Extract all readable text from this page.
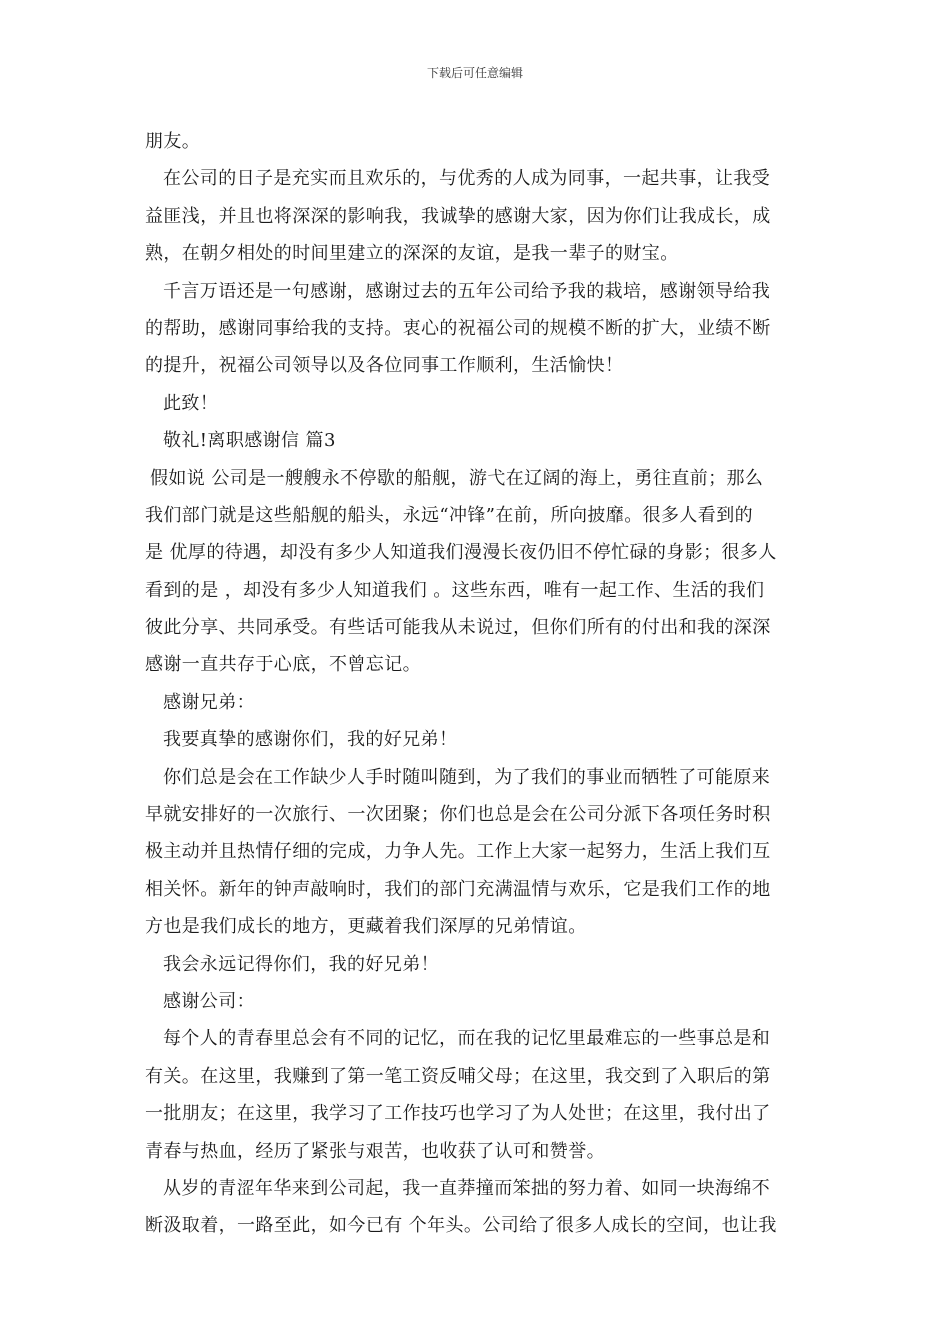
下载后可任意编辑
朋友。
在公司的日子是充实而且欢乐的，与优秀的人成为同事，一起共事，让我受
益匪浅，并且也将深深的影响我，我诚挚的感谢大家，因为你们让我成长，成
熟，在朝夕相处的时间里建立的深深的友谊，是我一辈子的财宝。
千言万语还是一句感谢，感谢过去的五年公司给予我的栽培，感谢领导给我
的帮助，感谢同事给我的支持。衷心的祝福公司的规模不断的扩大，业绩不断
的提升，祝福公司领导以及各位同事工作顺利，生活愉快！
此致！
敬礼!离职感谢信 篇3
假如说 公司是一艘艘永不停歇的船舰，游弋在辽阔的海上，勇往直前；那么
我们部门就是这些船舰的船头，永远“冲锋”在前，所向披靡。很多人看到的
是 优厚的待遇，却没有多少人知道我们漫漫长夜仍旧不停忙碌的身影；很多人
看到的是 ，却没有多少人知道我们 。这些东西，唯有一起工作、生活的我们
彼此分享、共同承受。有些话可能我从未说过，但你们所有的付出和我的深深
感谢一直共存于心底，不曾忘记。
感谢兄弟：
我要真挚的感谢你们，我的好兄弟！
你们总是会在工作缺少人手时随叫随到，为了我们的事业而牺牲了可能原来
早就安排好的一次旅行、一次团聚；你们也总是会在公司分派下各项任务时积
极主动并且热情仔细的完成，力争人先。工作上大家一起努力，生活上我们互
相关怀。新年的钟声敲响时，我们的部门充满温情与欢乐，它是我们工作的地
方也是我们成长的地方，更藏着我们深厚的兄弟情谊。
我会永远记得你们，我的好兄弟！
感谢公司：
每个人的青春里总会有不同的记忆，而在我的记忆里最难忘的一些事总是和
有关。在这里，我赚到了第一笔工资反哺父母；在这里，我交到了入职后的第
一批朋友；在这里，我学习了工作技巧也学习了为人处世；在这里，我付出了
青春与热血，经历了紧张与艰苦，也收获了认可和赞誉。
从岁的青涩年华来到公司起，我一直莽撞而笨拙的努力着、如同一块海绵不
断汲取着，一路至此，如今已有 个年头。公司给了很多人成长的空间，也让我
